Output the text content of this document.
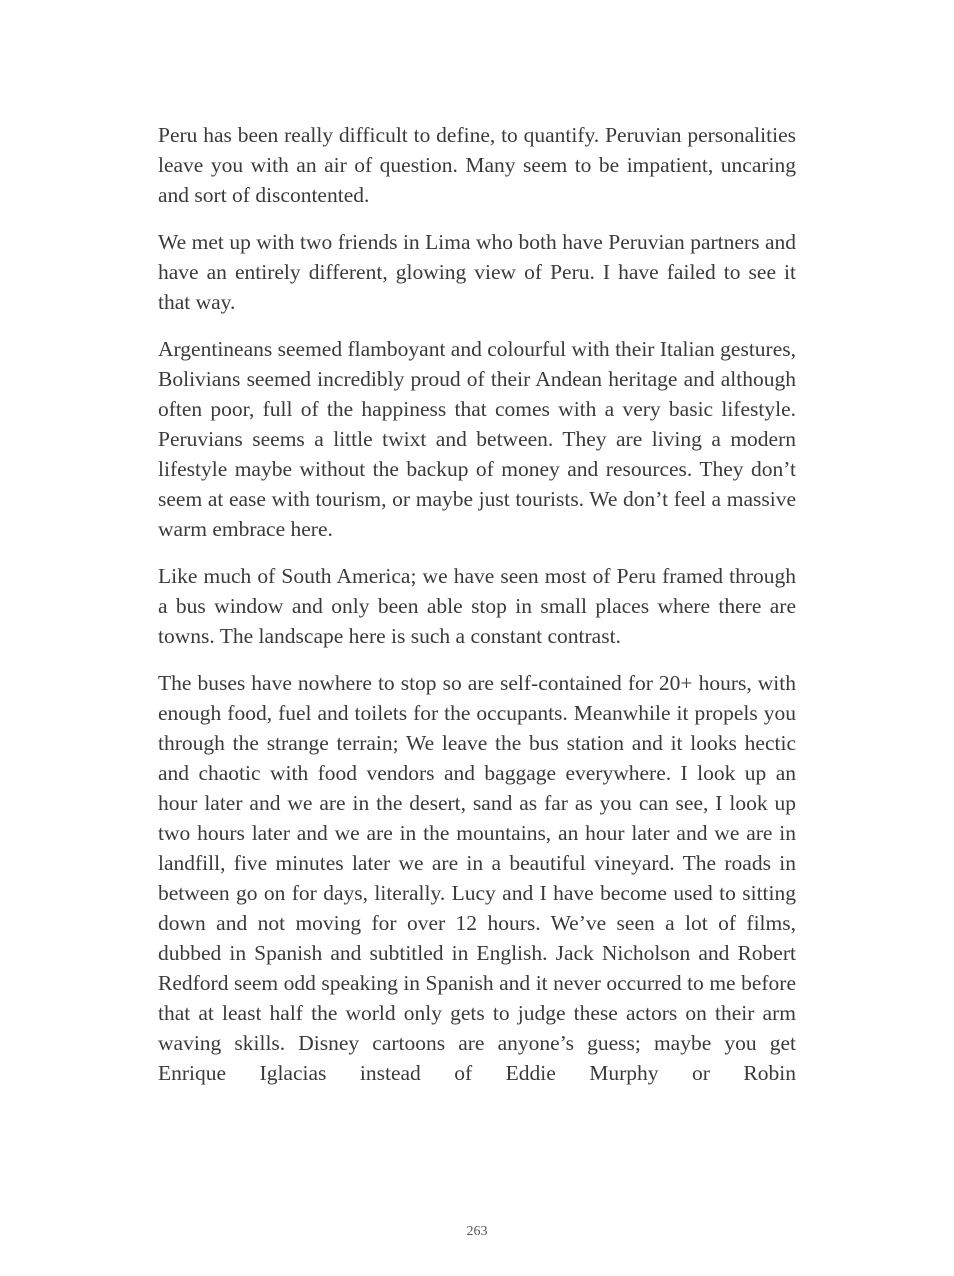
Peru has been really difficult to define, to quantify. Peruvian personalities leave you with an air of question. Many seem to be impatient, uncaring and sort of discontented.

We met up with two friends in Lima who both have Peruvian partners and have an entirely different, glowing view of Peru. I have failed to see it that way.

Argentineans seemed flamboyant and colourful with their Italian gestures, Bolivians seemed incredibly proud of their Andean heritage and although often poor, full of the happiness that comes with a very basic lifestyle. Peruvians seems a little twixt and between. They are living a modern lifestyle maybe without the backup of money and resources. They don’t seem at ease with tourism, or maybe just tourists. We don’t feel a massive warm embrace here.

Like much of South America; we have seen most of Peru framed through a bus window and only been able stop in small places where there are towns. The landscape here is such a constant contrast.

The buses have nowhere to stop so are self-contained for 20+ hours, with enough food, fuel and toilets for the occupants. Meanwhile it propels you through the strange terrain; We leave the bus station and it looks hectic and chaotic with food vendors and baggage everywhere. I look up an hour later and we are in the desert, sand as far as you can see, I look up two hours later and we are in the mountains, an hour later and we are in landfill, five minutes later we are in a beautiful vineyard. The roads in between go on for days, literally. Lucy and I have become used to sitting down and not moving for over 12 hours. We’ve seen a lot of films, dubbed in Spanish and subtitled in English. Jack Nicholson and Robert Redford seem odd speaking in Spanish and it never occurred to me before that at least half the world only gets to judge these actors on their arm waving skills. Disney cartoons are anyone’s guess; maybe you get Enrique Iglacias instead of Eddie Murphy or Robin

263
